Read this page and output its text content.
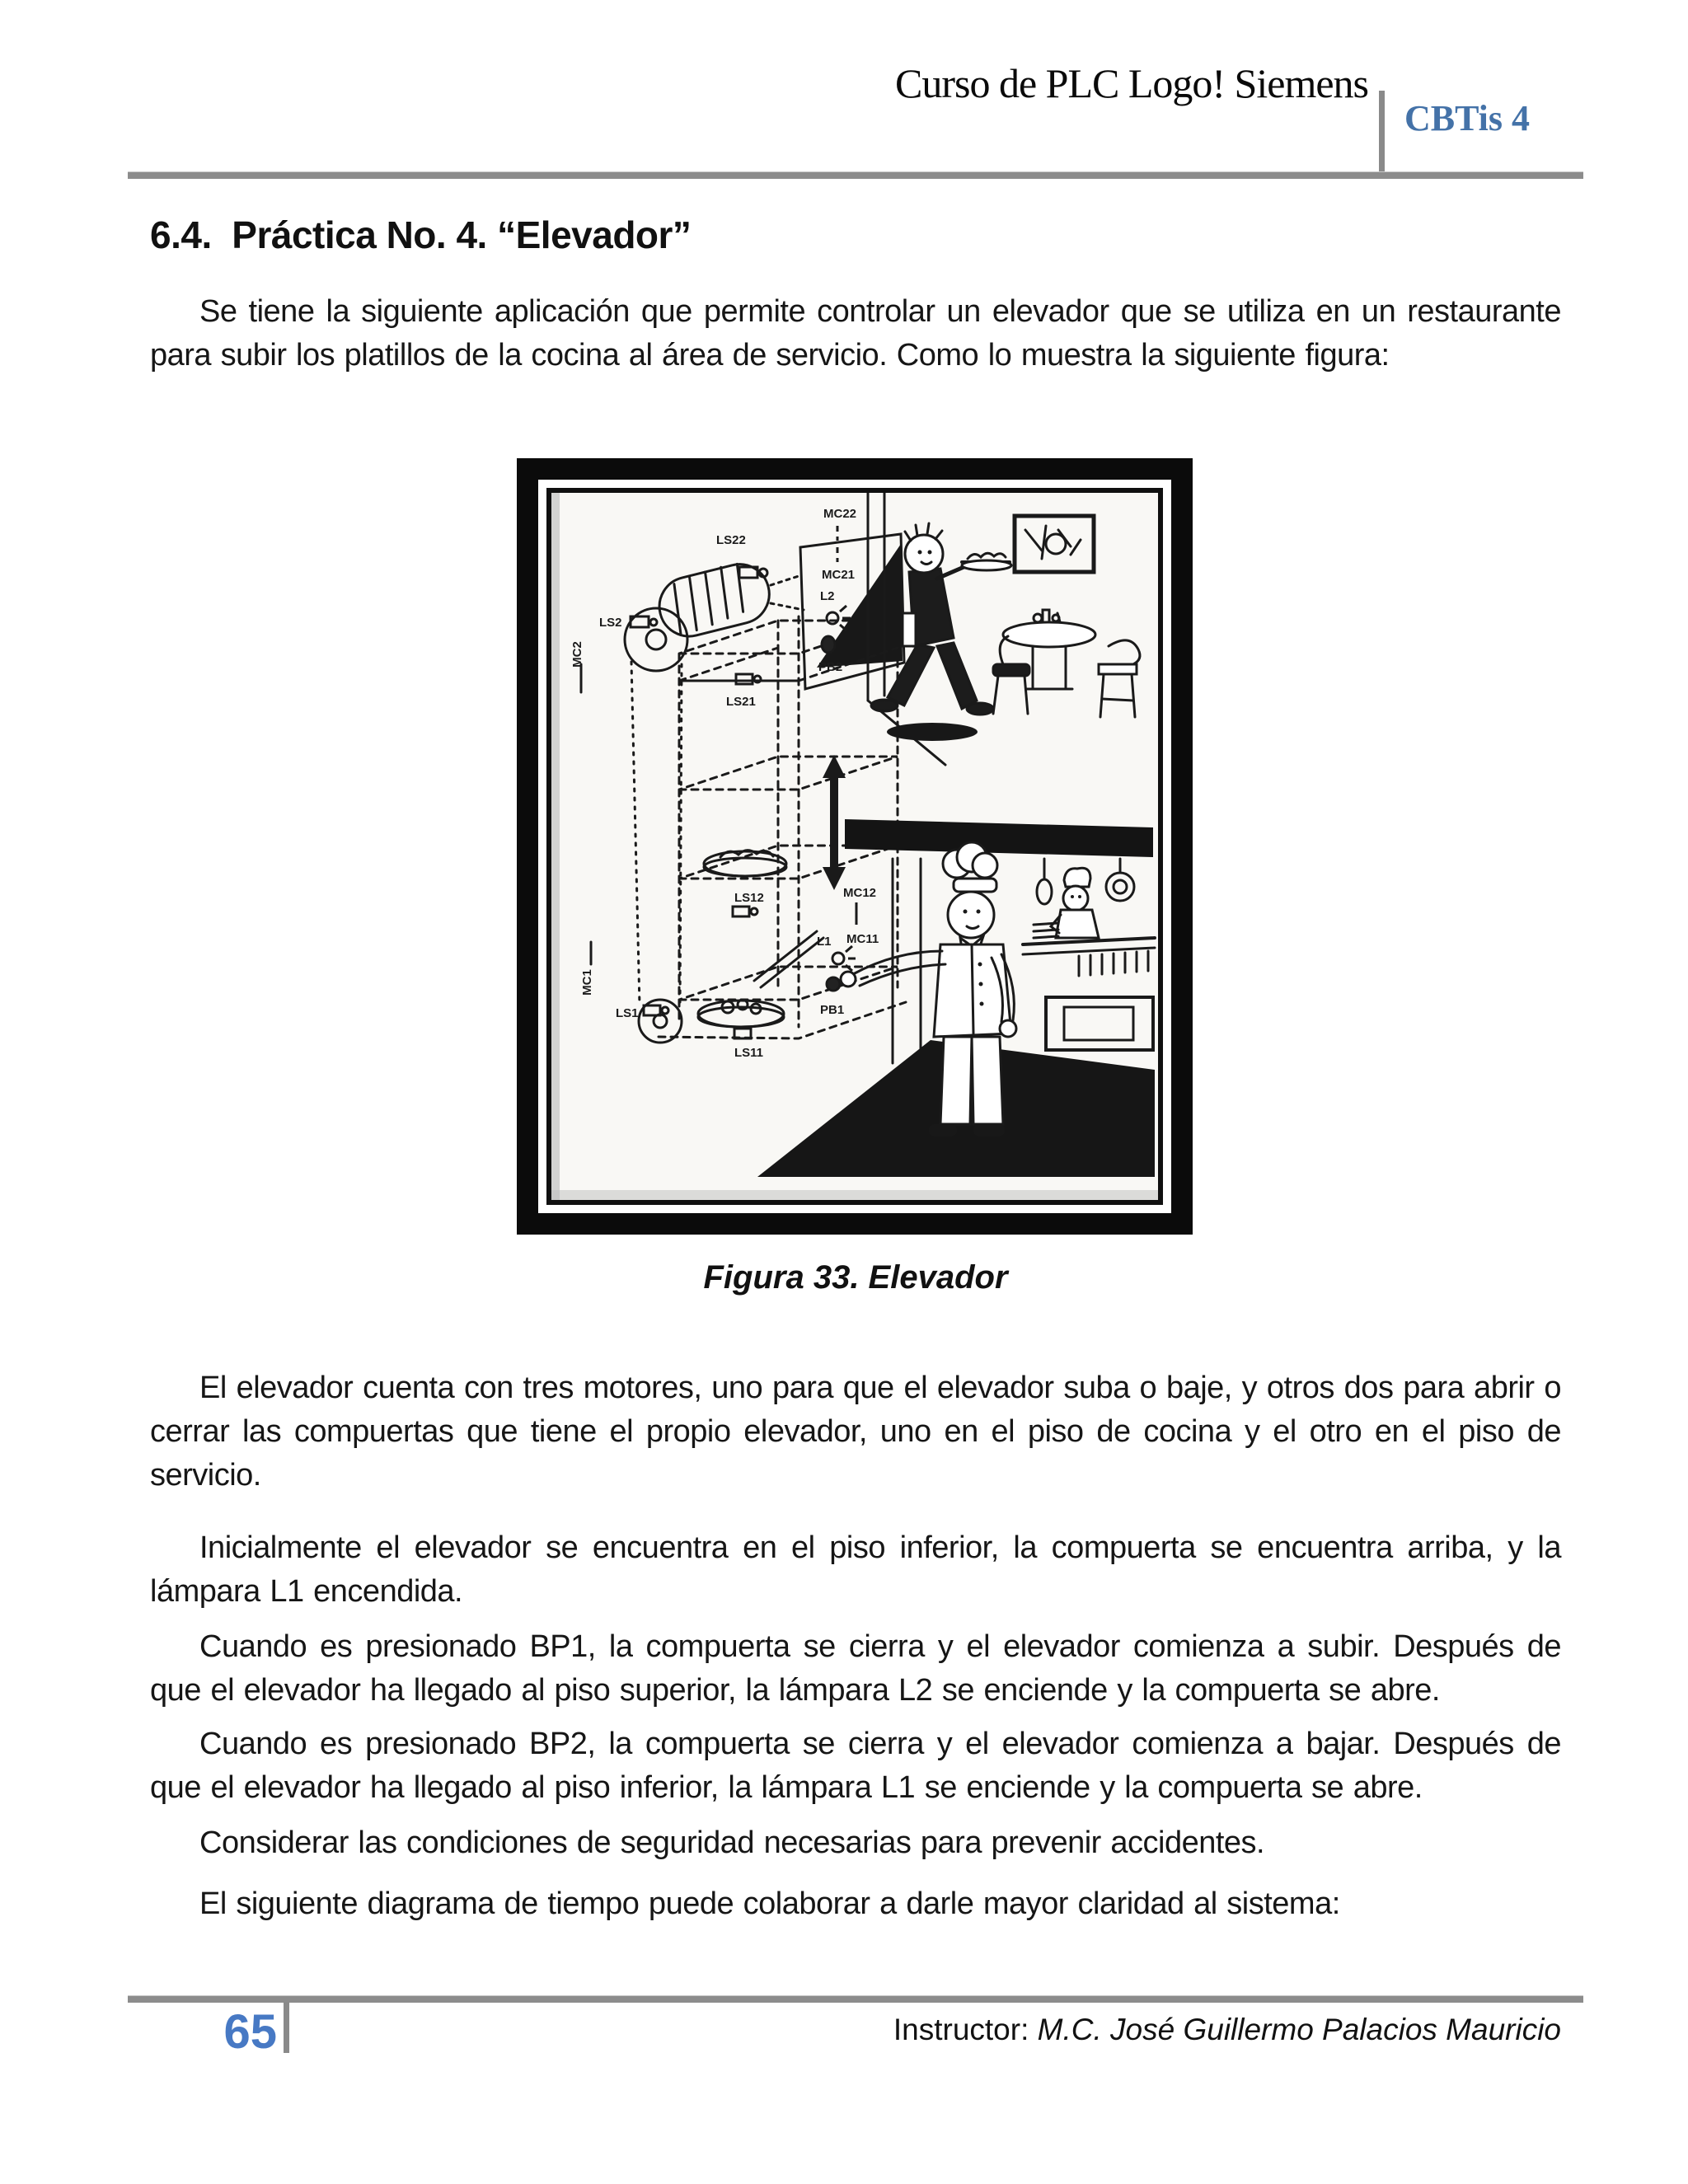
Curso de PLC Logo! Siemens
CBTis 4
6.4.  Práctica No. 4. “Elevador”

Se tiene la siguiente aplicación que permite controlar un elevador que se utiliza en un restaurante para subir los platillos de la cocina al área de servicio. Como lo muestra la siguiente figura:

El elevador cuenta con tres motores, uno para que el elevador suba o baje, y otros dos para abrir o cerrar las compuertas que tiene el propio elevador, uno en el piso de cocina y el otro en el piso de servicio.

Inicialmente el elevador se encuentra en el piso inferior, la compuerta se encuentra arriba, y la lámpara L1 encendida.

Cuando es presionado BP1, la compuerta se cierra y el elevador comienza a subir. Después de que el elevador ha llegado al piso superior, la lámpara L2 se enciende y la compuerta se abre.

Cuando es presionado BP2, la compuerta se cierra y el elevador comienza a bajar. Después de que el elevador ha llegado al piso inferior, la lámpara L1 se enciende y la compuerta se abre.

Considerar las condiciones de seguridad necesarias para prevenir accidentes.

El siguiente diagrama de tiempo puede colaborar a darle mayor claridad al sistema:

LS22
LS2
MC2
LS21
LS12
LS1
LS11
MC1
MC22
MC21
L2
PB2
MC12
L1 MC11
PB1
Figura 33. Elevador
65	Instructor: M.C. José Guillermo Palacios Mauricio
